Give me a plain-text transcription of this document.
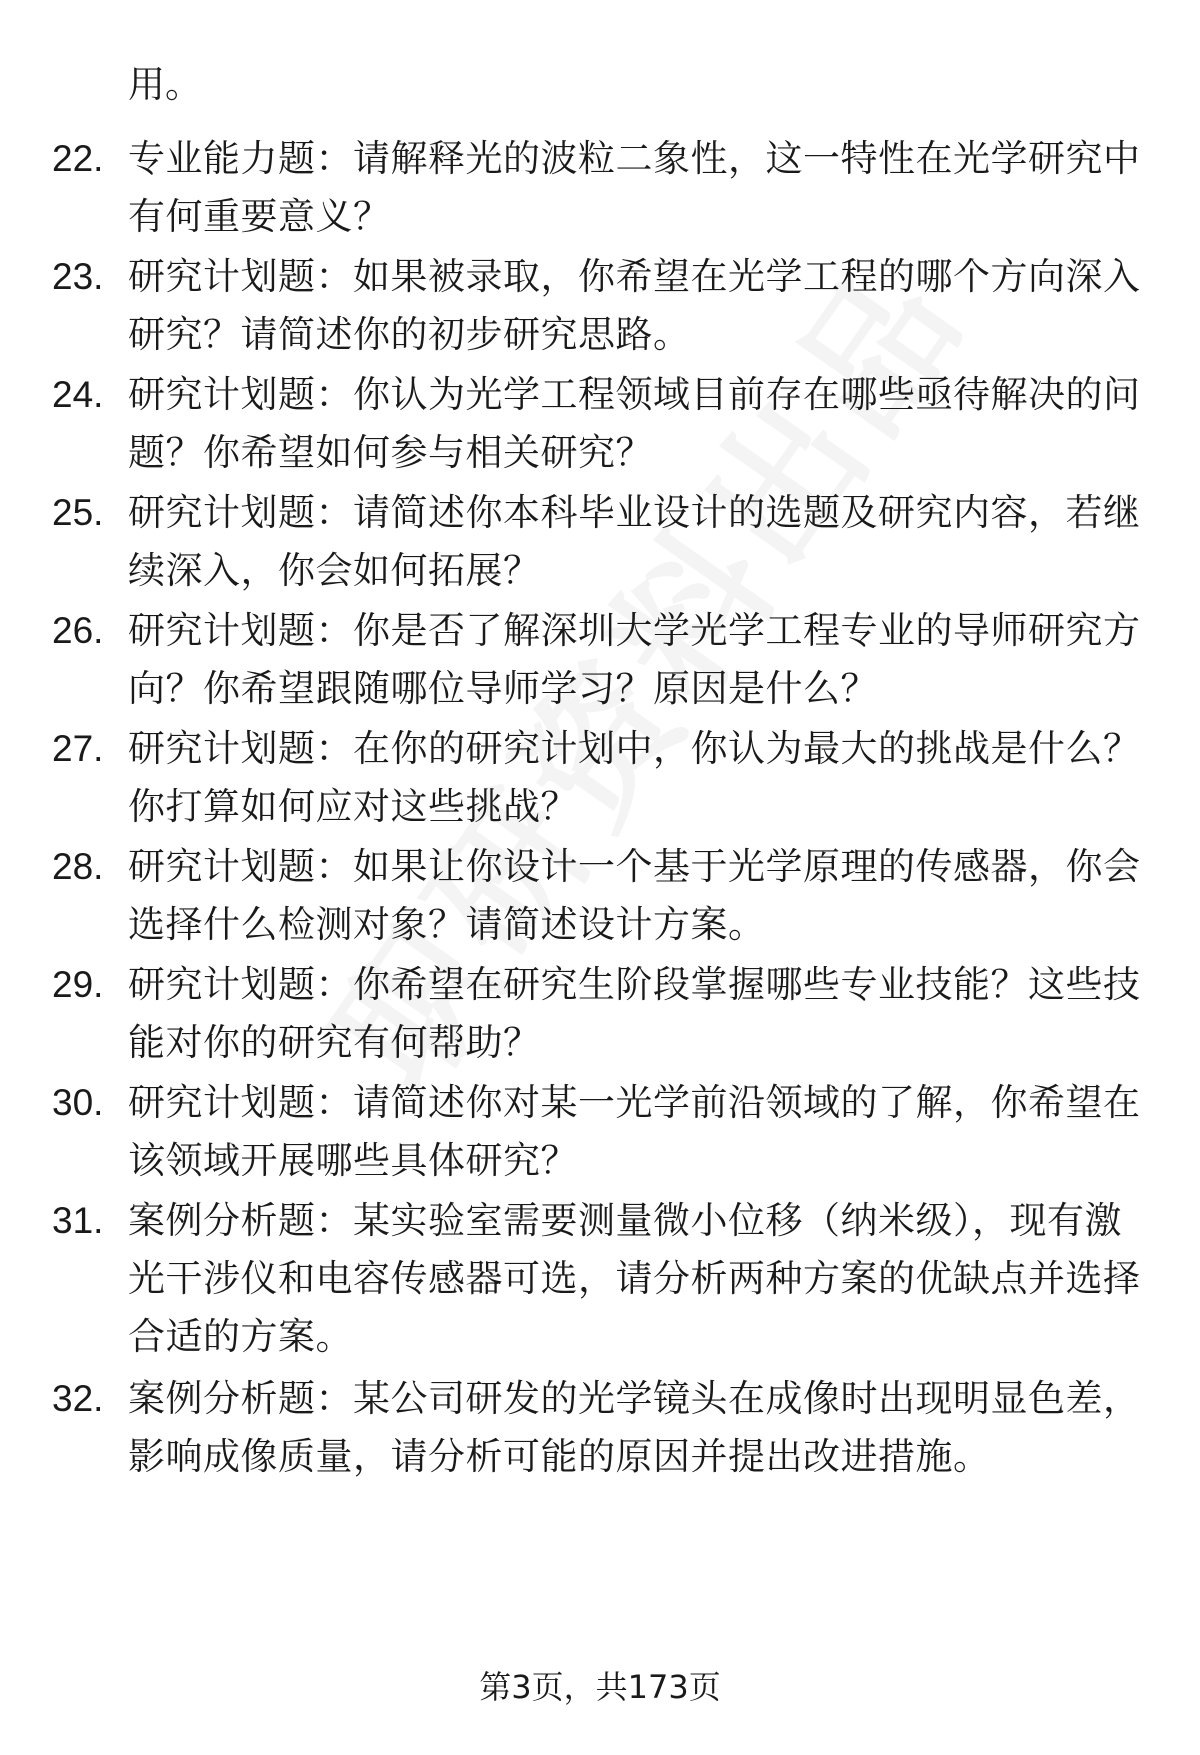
用。
22. 专业能力题：请解释光的波粒二象性，这一特性在光学研究中有何重要意义？
23. 研究计划题：如果被录取，你希望在光学工程的哪个方向深入研究？请简述你的初步研究思路。
24. 研究计划题：你认为光学工程领域目前存在哪些亟待解决的问题？你希望如何参与相关研究？
25. 研究计划题：请简述你本科毕业设计的选题及研究内容，若继续深入，你会如何拓展？
26. 研究计划题：你是否了解深圳大学光学工程专业的导师研究方向？你希望跟随哪位导师学习？原因是什么？
27. 研究计划题：在你的研究计划中，你认为最大的挑战是什么？你打算如何应对这些挑战？
28. 研究计划题：如果让你设计一个基于光学原理的传感器，你会选择什么检测对象？请简述设计方案。
29. 研究计划题：你希望在研究生阶段掌握哪些专业技能？这些技能对你的研究有何帮助？
30. 研究计划题：请简述你对某一光学前沿领域的了解，你希望在该领域开展哪些具体研究？
31. 案例分析题：某实验室需要测量微小位移（纳米级），现有激光干涉仪和电容传感器可选，请分析两种方案的优缺点并选择合适的方案。
32. 案例分析题：某公司研发的光学镜头在成像时出现明显色差，影响成像质量，请分析可能的原因并提出改进措施。
第3页，共173页
